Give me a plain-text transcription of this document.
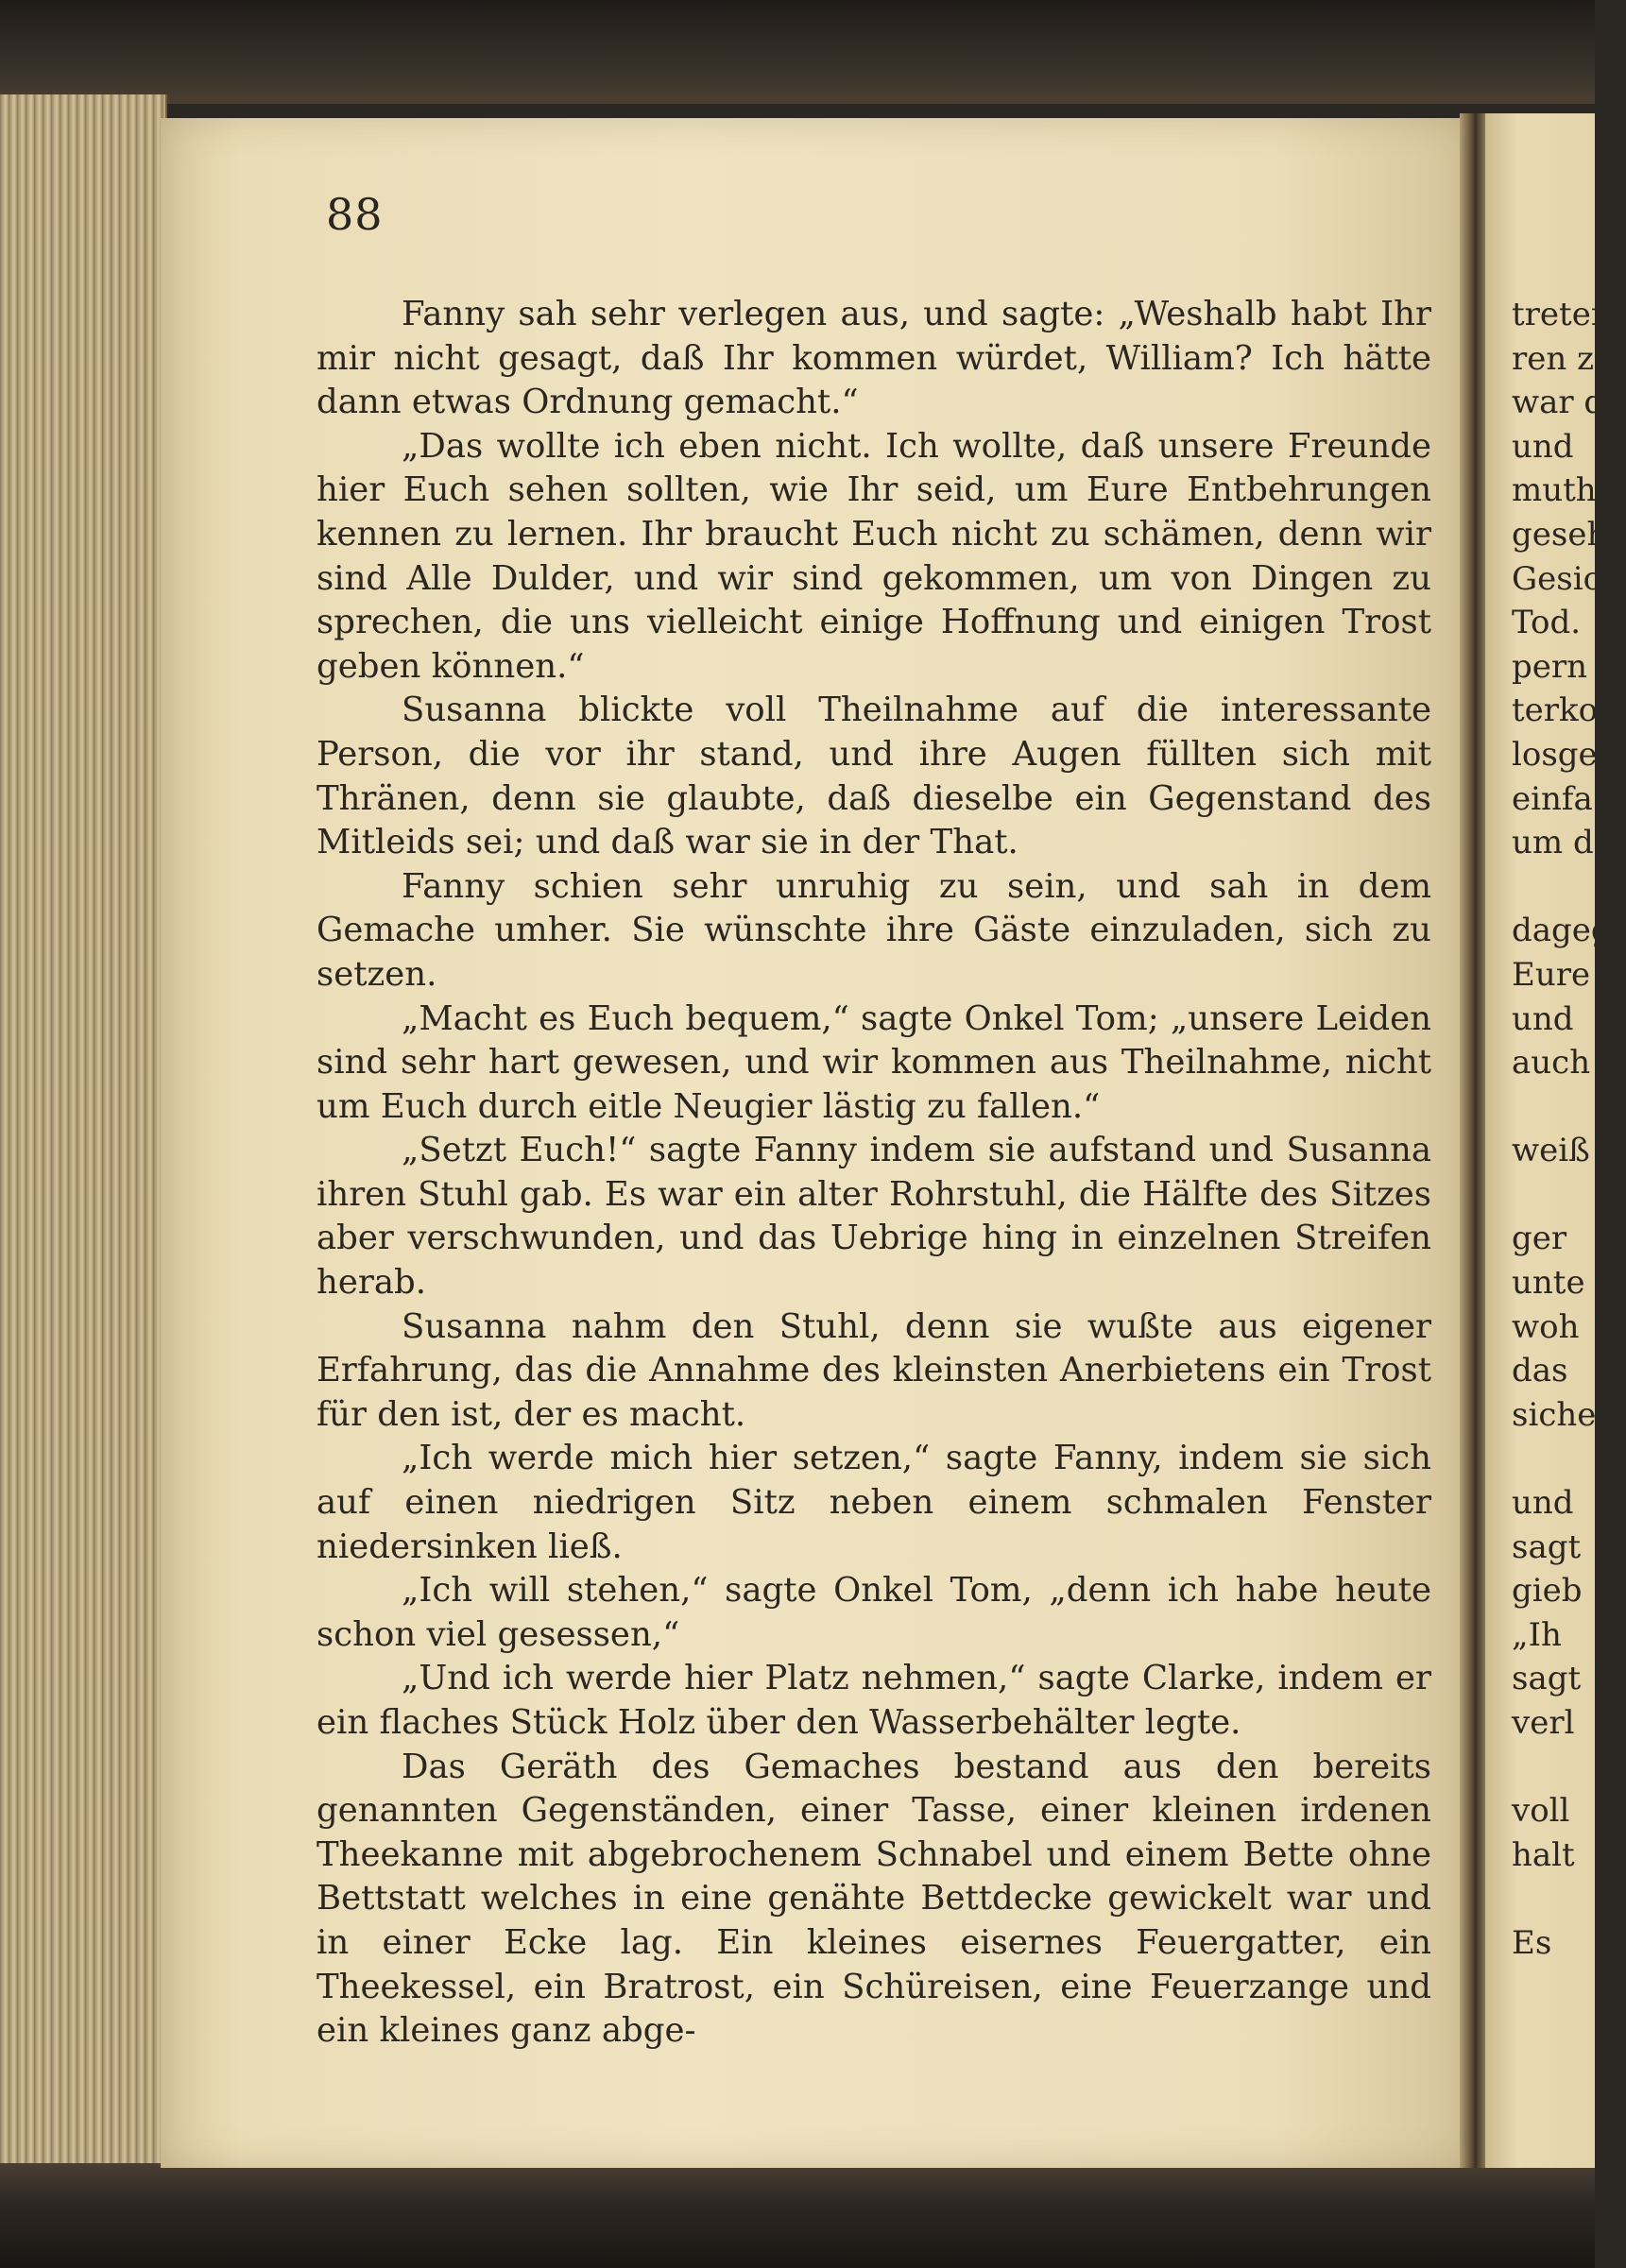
treten
ren ze
war d
und
muth
gesehe
Gesich
Tod.
pern
terkop
losge
einfa
um d
dageg
Eure
und
auch
weiß
ger
unte
woh
das
siche
und
sagt
gieb
„Ih
sagt
verl
voll
halt
Es
88

Fanny sah sehr verlegen aus, und sagte: „Weshalb habt Ihr mir nicht gesagt, daß Ihr kommen würdet, William? Ich hätte dann etwas Ordnung gemacht.“

„Das wollte ich eben nicht. Ich wollte, daß unsere Freunde hier Euch sehen sollten, wie Ihr seid, um Eure Entbehrungen kennen zu lernen. Ihr braucht Euch nicht zu schämen, denn wir sind Alle Dulder, und wir sind gekommen, um von Dingen zu sprechen, die uns vielleicht einige Hoffnung und einigen Trost geben können.“

Susanna blickte voll Theilnahme auf die interessante Person, die vor ihr stand, und ihre Augen füllten sich mit Thränen, denn sie glaubte, daß dieselbe ein Gegenstand des Mitleids sei; und daß war sie in der That.

Fanny schien sehr unruhig zu sein, und sah in dem Gemache umher. Sie wünschte ihre Gäste einzuladen, sich zu setzen.

„Macht es Euch bequem,“ sagte Onkel Tom; „unsere Leiden sind sehr hart gewesen, und wir kommen aus Theilnahme, nicht um Euch durch eitle Neugier lästig zu fallen.“

„Setzt Euch!“ sagte Fanny indem sie aufstand und Susanna ihren Stuhl gab. Es war ein alter Rohrstuhl, die Hälfte des Sitzes aber verschwunden, und das Uebrige hing in einzelnen Streifen herab.

Susanna nahm den Stuhl, denn sie wußte aus eigener Erfahrung, das die Annahme des kleinsten Anerbietens ein Trost für den ist, der es macht.

„Ich werde mich hier setzen,“ sagte Fanny, indem sie sich auf einen niedrigen Sitz neben einem schmalen Fenster niedersinken ließ.

„Ich will stehen,“ sagte Onkel Tom, „denn ich habe heute schon viel gesessen,“

„Und ich werde hier Platz nehmen,“ sagte Clarke, indem er ein flaches Stück Holz über den Wasserbehälter legte.

Das Geräth des Gemaches bestand aus den bereits genannten Gegenständen, einer Tasse, einer kleinen irdenen Theekanne mit abgebrochenem Schnabel und einem Bette ohne Bettstatt welches in eine genähte Bettdecke gewickelt war und in einer Ecke lag. Ein kleines eisernes Feuergatter, ein Theekessel, ein Bratrost, ein Schüreisen, eine Feuerzange und ein kleines ganz abge-
